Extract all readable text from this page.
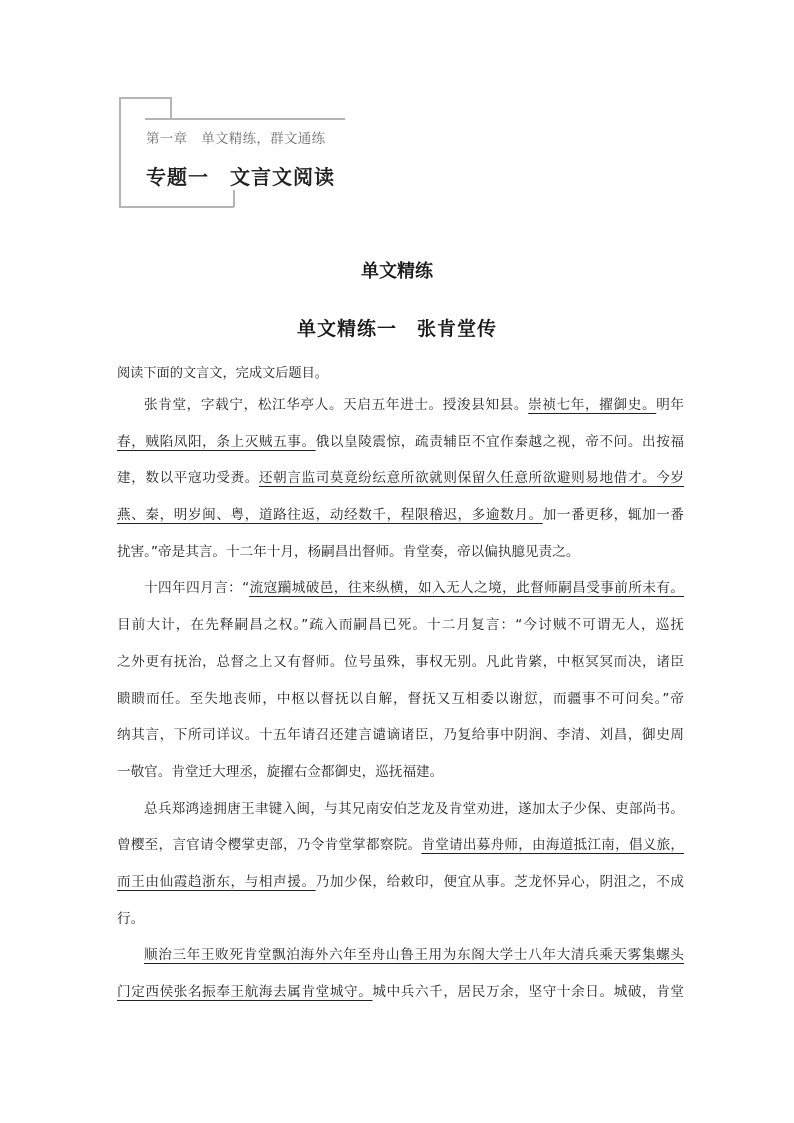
第一章　单文精练，群文通练
专题一　文言文阅读
单文精练
单文精练一　张肯堂传
阅读下面的文言文，完成文后题目。
张肯堂，字载宁，松江华亭人。天启五年进士。授浚县知县。崇祯七年，擢御史。明年
春，贼陷凤阳，条上灭贼五事。俄以皇陵震惊，疏责辅臣不宜作秦越之视，帝不问。出按福
建，数以平寇功受赉。还朝言监司莫竟纷纭意所欲就则保留久任意所欲避则易地借才。今岁
燕、秦，明岁闽、粤，道路往返，动经数千，程限稽迟，多逾数月。加一番更移，辄加一番
扰害。”帝是其言。十二年十月，杨嗣昌出督师。肯堂奏，帝以偏执臆见责之。
十四年四月言：“流寇躏城破邑，往来纵横，如入无人之境，此督师嗣昌受事前所未有。
目前大计，在先释嗣昌之权。”疏入而嗣昌已死。十二月复言：“今讨贼不可谓无人，巡抚
之外更有抚治，总督之上又有督师。位号虽殊，事权无别。凡此肯綮，中枢冥冥而决，诸臣
瞆瞆而任。至失地丧师，中枢以督抚以自解，督抚又互相委以谢愆，而疆事不可问矣。”帝
纳其言，下所司详议。十五年请召还建言谴谪诸臣，乃复给事中阴润、李清、刘昌，御史周
一敬官。肯堂迁大理丞，旋擢右佥都御史，巡抚福建。
总兵郑鸿逵拥唐王聿键入闽，与其兄南安伯芝龙及肯堂劝进，遂加太子少保、吏部尚书。
曾樱至，言官请令樱掌吏部，乃令肯堂掌都察院。肯堂请出募舟师，由海道抵江南，倡义旅，
而王由仙霞趋浙东，与相声援。乃加少保，给敕印，便宜从事。芝龙怀异心，阴沮之，不成
行。
顺治三年王败死肯堂飘泊海外六年至舟山鲁王用为东阁大学士八年大清兵乘天雾集螺头
门定西侯张名振奉王航海去属肯堂城守。城中兵六千，居民万余，坚守十余日。城破，肯堂
